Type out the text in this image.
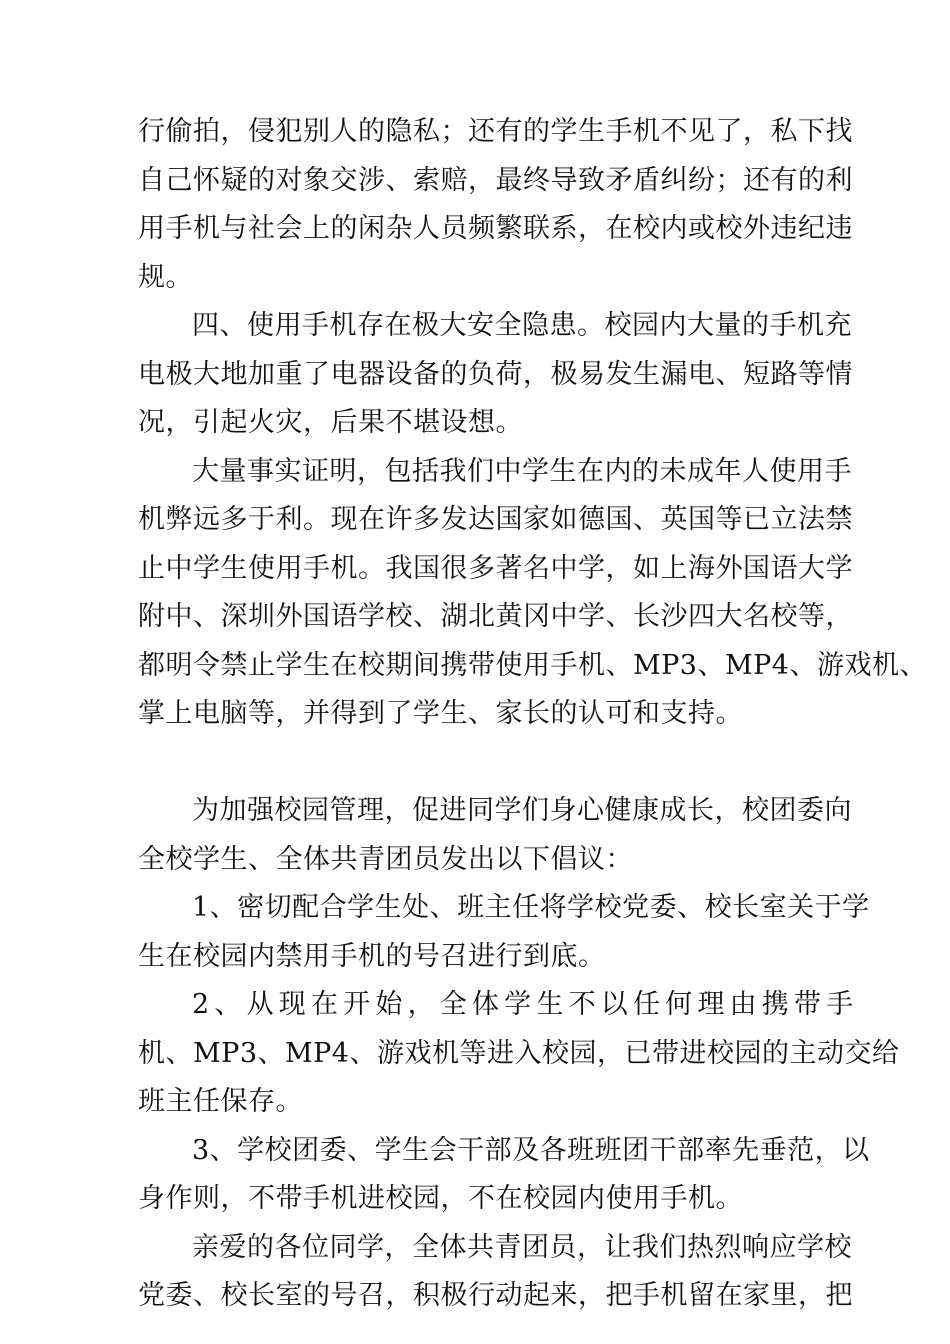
行偷拍，侵犯别人的隐私；还有的学生手机不见了，私下找
自己怀疑的对象交涉、索赔，最终导致矛盾纠纷；还有的利
用手机与社会上的闲杂人员频繁联系，在校内或校外违纪违
规。
四、使用手机存在极大安全隐患。校园内大量的手机充
电极大地加重了电器设备的负荷，极易发生漏电、短路等情
况，引起火灾，后果不堪设想。
大量事实证明，包括我们中学生在内的未成年人使用手
机弊远多于利。现在许多发达国家如德国、英国等已立法禁
止中学生使用手机。我国很多著名中学，如上海外国语大学
附中、深圳外国语学校、湖北黄冈中学、长沙四大名校等，
都明令禁止学生在校期间携带使用手机、MP3、MP4、游戏机、
掌上电脑等，并得到了学生、家长的认可和支持。
为加强校园管理，促进同学们身心健康成长，校团委向
全校学生、全体共青团员发出以下倡议：
1、密切配合学生处、班主任将学校党委、校长室关于学
生在校园内禁用手机的号召进行到底。
2、从现在开始，全体学生不以任何理由携带手
机、MP3、MP4、游戏机等进入校园，已带进校园的主动交给
班主任保存。
3、学校团委、学生会干部及各班班团干部率先垂范，以
身作则，不带手机进校园，不在校园内使用手机。
亲爱的各位同学，全体共青团员，让我们热烈响应学校
党委、校长室的号召，积极行动起来，把手机留在家里，把
